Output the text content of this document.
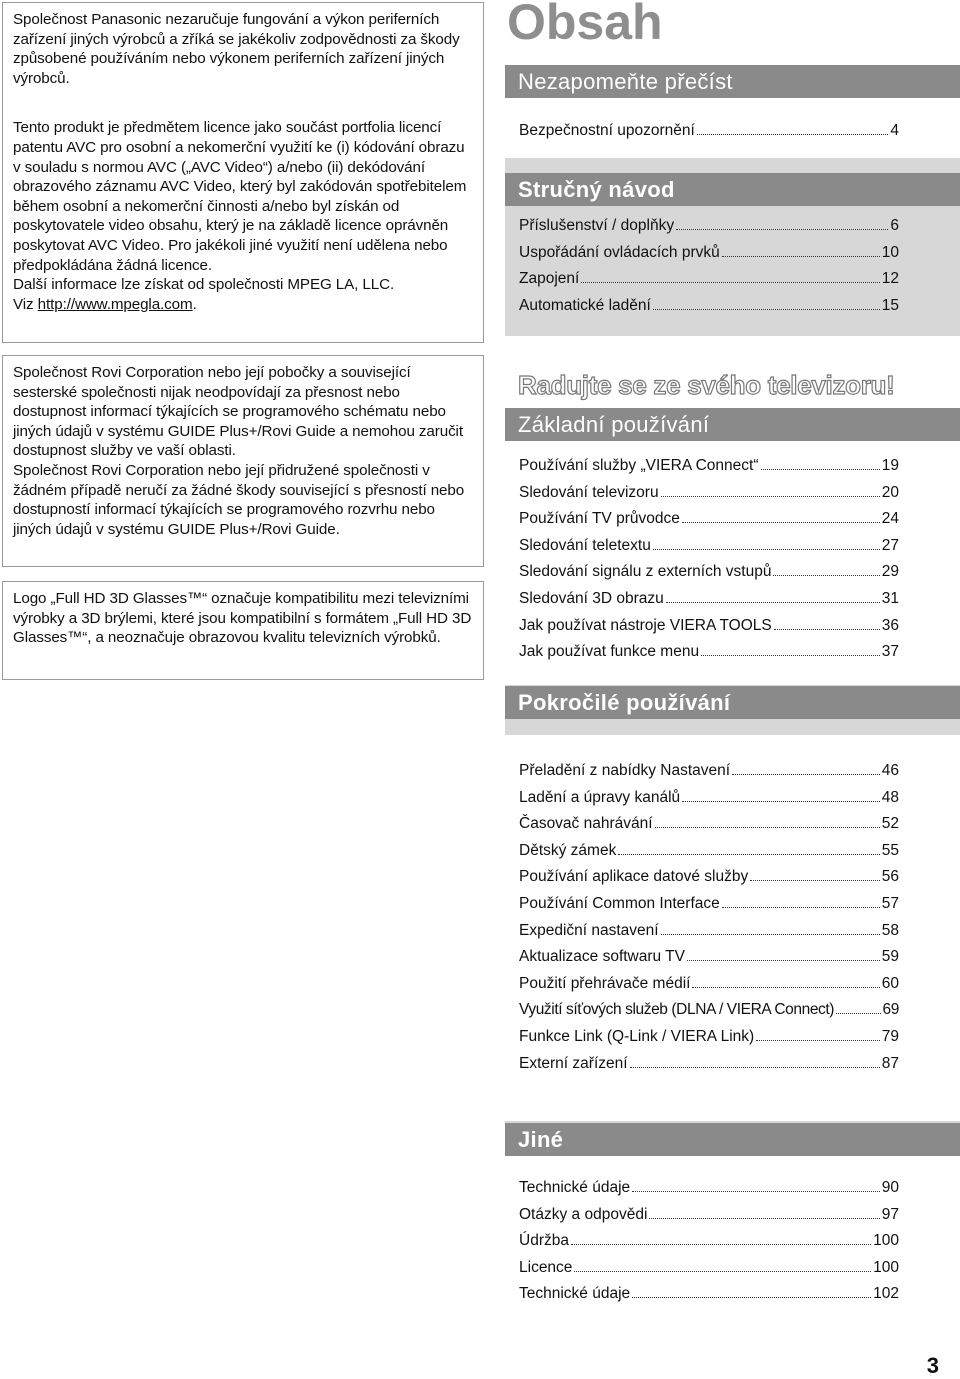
Společnost Panasonic nezaručuje fungování a výkon periferních zařízení jiných výrobců a zříká se jakékoliv zodpovědnosti za škody způsobené používáním nebo výkonem periferních zařízení jiných výrobců.

Tento produkt je předmětem licence jako součást portfolia licencí patentu AVC pro osobní a nekomerční využití ke (i) kódování obrazu v souladu s normou AVC („AVC Video“) a/nebo (ii) dekódování obrazového záznamu AVC Video, který byl zakódován spotřebitelem během osobní a nekomerční činnosti a/nebo byl získán od poskytovatele video obsahu, který je na základě licence oprávněn poskytovat AVC Video. Pro jakékoli jiné využití není udělena nebo předpokládána žádná licence.

Další informace lze získat od společnosti MPEG LA, LLC.

Viz http://www.mpegla.com.

Společnost Rovi Corporation nebo její pobočky a související sesterské společnosti nijak neodpovídají za přesnost nebo dostupnost informací týkajících se programového schématu nebo jiných údajů v systému GUIDE Plus+/Rovi Guide a nemohou zaručit dostupnost služby ve vaší oblasti.

Společnost Rovi Corporation nebo její přidružené společnosti v žádném případě neručí za žádné škody související s přesností nebo dostupností informací týkajících se programového rozvrhu nebo jiných údajů v systému GUIDE Plus+/Rovi Guide.

Logo „Full HD 3D Glasses™“ označuje kompatibilitu mezi televizními výrobky a 3D brýlemi, které jsou kompatibilní s formátem „Full HD 3D Glasses™“, a neoznačuje obrazovou kvalitu televizních výrobků.

Obsah
Nezapomeňte přečíst
Bezpečnostní upozornění	4
Stručný návod
Příslušenství / doplňky	6
Uspořádání ovládacích prvků	10
Zapojení	12
Automatické ladění	15
Radujte se ze svého televizoru!
Základní používání
Používání služby „VIERA Connect“	19
Sledování televizoru	20
Používání TV průvodce	24
Sledování teletextu	27
Sledování signálu z externích vstupů	29
Sledování 3D obrazu	31
Jak používat nástroje VIERA TOOLS	36
Jak používat funkce menu	37
Pokročilé používání
Přeladění z nabídky Nastavení	46
Ladění a úpravy kanálů	48
Časovač nahrávání	52
Dětský zámek	55
Používání aplikace datové služby	56
Používání Common Interface	57
Expediční nastavení	58
Aktualizace softwaru TV	59
Použití přehrávače médií	60
Využití síťových služeb (DLNA / VIERA Connect)	69
Funkce Link (Q-Link / VIERA Link)	79
Externí zařízení	87
Jiné
Technické údaje	90
Otázky a odpovědi	97
Údržba	100
Licence	100
Technické údaje	102
3
